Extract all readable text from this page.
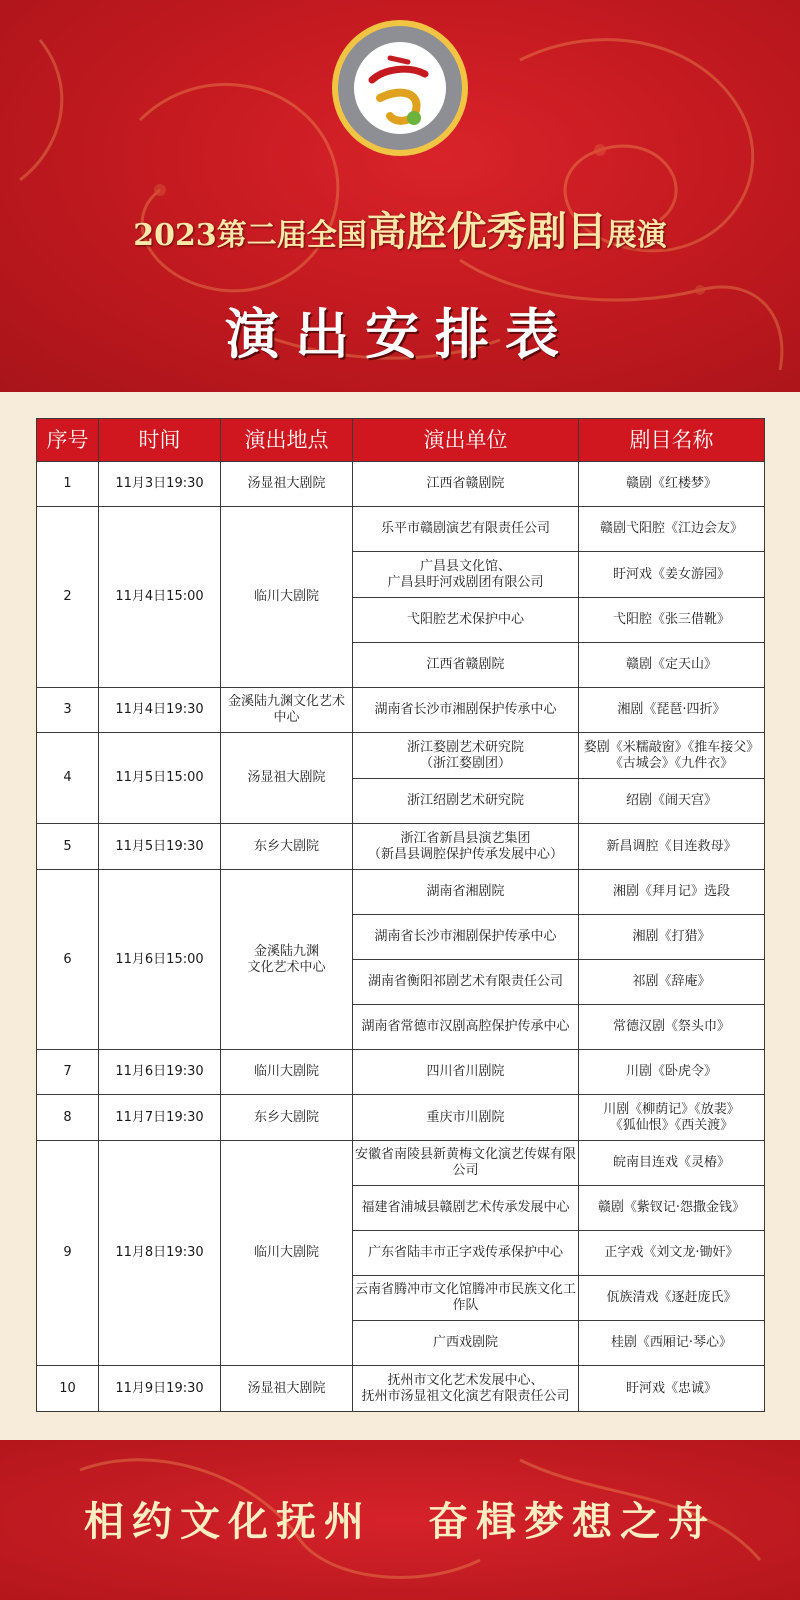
2023第二届全国高腔优秀剧目展演
演出安排表
序号	时间	演出地点	演出单位	剧目名称
1	11月3日19:30	汤显祖大剧院	江西省赣剧院	赣剧《红楼梦》
2	11月4日15:00	临川大剧院	乐平市赣剧演艺有限责任公司	赣剧弋阳腔《江边会友》
			广昌县文化馆、
广昌县盱河戏剧团有限公司	盱河戏《姜女游园》
			弋阳腔艺术保护中心	弋阳腔《张三借靴》
			江西省赣剧院	赣剧《定天山》
3	11月4日19:30	金溪陆九渊文化艺术中心	湖南省长沙市湘剧保护传承中心	湘剧《琵琶·四折》
4	11月5日15:00	汤显祖大剧院	浙江婺剧艺术研究院
（浙江婺剧团）	婺剧《米糯敲窗》《推车接父》
《古城会》《九件衣》
			浙江绍剧艺术研究院	绍剧《闹天宫》
5	11月5日19:30	东乡大剧院	浙江省新昌县演艺集团
（新昌县调腔保护传承发展中心）	新昌调腔《目连救母》
6	11月6日15:00	金溪陆九渊
文化艺术中心	湖南省湘剧院	湘剧《拜月记》选段
			湖南省长沙市湘剧保护传承中心	湘剧《打猎》
			湖南省衡阳祁剧艺术有限责任公司	祁剧《辞庵》
			湖南省常德市汉剧高腔保护传承中心	常德汉剧《祭头巾》
7	11月6日19:30	临川大剧院	四川省川剧院	川剧《卧虎令》
8	11月7日19:30	东乡大剧院	重庆市川剧院	川剧《柳荫记》《放裴》
《狐仙恨》《西关渡》
9	11月8日19:30	临川大剧院	安徽省南陵县新黄梅文化演艺传媒有限公司	皖南目连戏《灵椿》
			福建省浦城县赣剧艺术传承发展中心	赣剧《紫钗记·怨撒金钱》
			广东省陆丰市正字戏传承保护中心	正字戏《刘文龙·锄奸》
			云南省腾冲市文化馆腾冲市民族文化工作队	佤族清戏《逐赶庞氏》
			广西戏剧院	桂剧《西厢记·琴心》
10	11月9日19:30	汤显祖大剧院	抚州市文化艺术发展中心、
抚州市汤显祖文化演艺有限责任公司	盱河戏《忠诚》
相约文化抚州 奋楫梦想之舟
